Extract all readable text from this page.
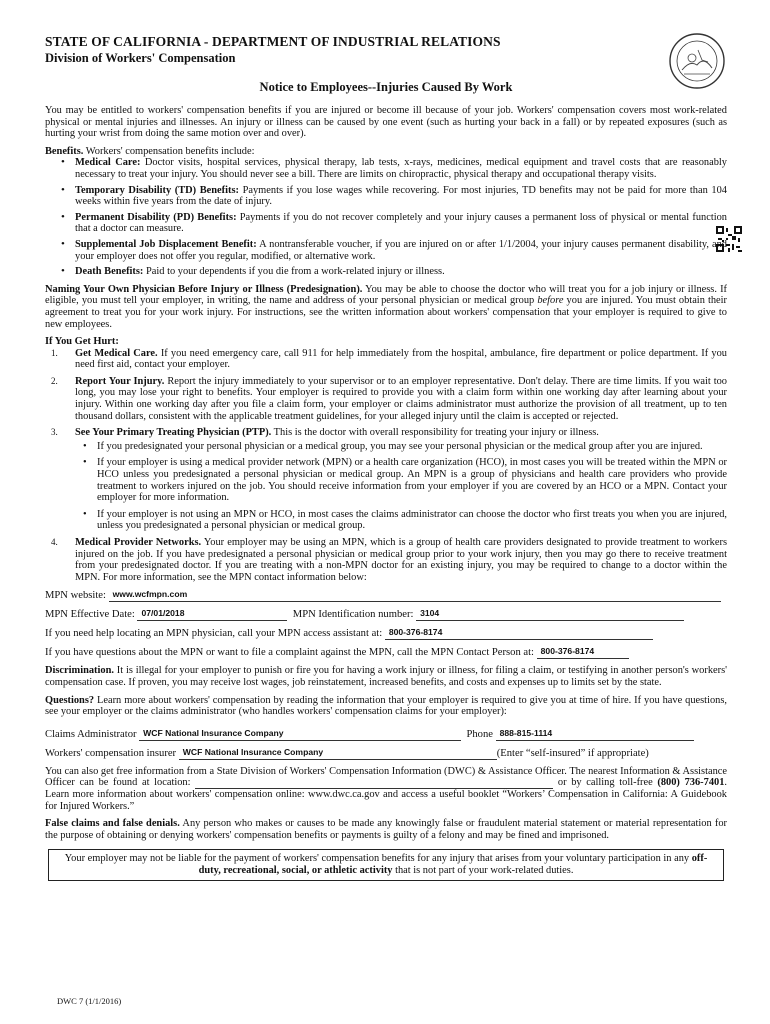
STATE OF CALIFORNIA - DEPARTMENT OF INDUSTRIAL RELATIONS
Division of Workers' Compensation
Notice to Employees--Injuries Caused By Work

You may be entitled to workers' compensation benefits if you are injured or become ill because of your job. Workers' compensation covers most work-related physical or mental injuries and illnesses. An injury or illness can be caused by one event (such as hurting your back in a fall) or by repeated exposures (such as hurting your wrist from doing the same motion over and over).

Benefits. Workers' compensation benefits include:

• Medical Care: Doctor visits, hospital services, physical therapy, lab tests, x-rays, medicines, medical equipment and travel costs that are reasonably necessary to treat your injury. You should never see a bill. There are limits on chiropractic, physical therapy and occupational therapy visits.
• Temporary Disability (TD) Benefits: Payments if you lose wages while recovering. For most injuries, TD benefits may not be paid for more than 104 weeks within five years from the date of injury.
• Permanent Disability (PD) Benefits: Payments if you do not recover completely and your injury causes a permanent loss of physical or mental function that a doctor can measure.
• Supplemental Job Displacement Benefit: A nontransferable voucher, if you are injured on or after 1/1/2004, your injury causes permanent disability, and your employer does not offer you regular, modified, or alternative work.
• Death Benefits: Paid to your dependents if you die from a work-related injury or illness.

Naming Your Own Physician Before Injury or Illness (Predesignation). You may be able to choose the doctor who will treat you for a job injury or illness. If eligible, you must tell your employer, in writing, the name and address of your personal physician or medical group before you are injured. You must obtain their agreement to treat you for your work injury. For instructions, see the written information about workers' compensation that your employer is required to give to new employees.

If You Get Hurt:

1. Get Medical Care. If you need emergency care, call 911 for help immediately from the hospital, ambulance, fire department or police department. If you need first aid, contact your employer.
2. Report Your Injury. Report the injury immediately to your supervisor or to an employer representative. Don't delay. There are time limits. If you wait too long, you may lose your right to benefits. Your employer is required to provide you with a claim form within one working day after learning about your injury. Within one working day after you file a claim form, your employer or claims administrator must authorize the provision of all treatment, up to ten thousand dollars, consistent with the applicable treatment guidelines, for your alleged injury until the claim is accepted or rejected.
3. See Your Primary Treating Physician (PTP). This is the doctor with overall responsibility for treating your injury or illness.
• If you predesignated your personal physician or a medical group, you may see your personal physician or the medical group after you are injured.
• If your employer is using a medical provider network (MPN) or a health care organization (HCO), in most cases you will be treated within the MPN or HCO unless you predesignated a personal physician or medical group. An MPN is a group of physicians and health care providers who provide treatment to workers injured on the job. You should receive information from your employer if you are covered by an HCO or a MPN. Contact your employer for more information.
• If your employer is not using an MPN or HCO, in most cases the claims administrator can choose the doctor who first treats you when you are injured, unless you predesignated a personal physician or medical group.
4. Medical Provider Networks. Your employer may be using an MPN, which is a group of health care providers designated to provide treatment to workers injured on the job. If you have predesignated a personal physician or medical group prior to your work injury, then you may go there to receive treatment from your predesignated doctor. If you are treating with a non-MPN doctor for an existing injury, you may be required to change to a doctor within the MPN. For more information, see the MPN contact information below:
MPN website: www.wcfmpn.com
MPN Effective Date: 07/01/2018	MPN Identification number: 3104
If you need help locating an MPN physician, call your MPN access assistant at: 800-376-8174
If you have questions about the MPN or want to file a complaint against the MPN, call the MPN Contact Person at: 800-376-8174

Discrimination. It is illegal for your employer to punish or fire you for having a work injury or illness, for filing a claim, or testifying in another person's workers' compensation case. If proven, you may receive lost wages, job reinstatement, increased benefits, and costs and expenses up to limits set by the state.

Questions? Learn more about workers' compensation by reading the information that your employer is required to give you at time of hire. If you have questions, see your employer or the claims administrator (who handles workers' compensation claims for your employer):

Claims Administrator WCF National Insurance Company	Phone 888-815-1114
Workers' compensation insurer WCF National Insurance Company	(Enter “self-insured” if appropriate)

You can also get free information from a State Division of Workers' Compensation Information (DWC) & Assistance Officer. The nearest Information & Assistance Officer can be found at location:	or by calling toll-free (800) 736-7401. Learn more information about workers' compensation online: www.dwc.ca.gov and access a useful booklet “Workers’ Compensation in California: A Guidebook for Injured Workers.”

False claims and false denials. Any person who makes or causes to be made any knowingly false or fraudulent material statement or material representation for the purpose of obtaining or denying workers' compensation benefits or payments is guilty of a felony and may be fined and imprisoned.

Your employer may not be liable for the payment of workers' compensation benefits for any injury that arises from your voluntary participation in any off-duty, recreational, social, or athletic activity that is not part of your work-related duties.
DWC 7 (1/1/2016)
